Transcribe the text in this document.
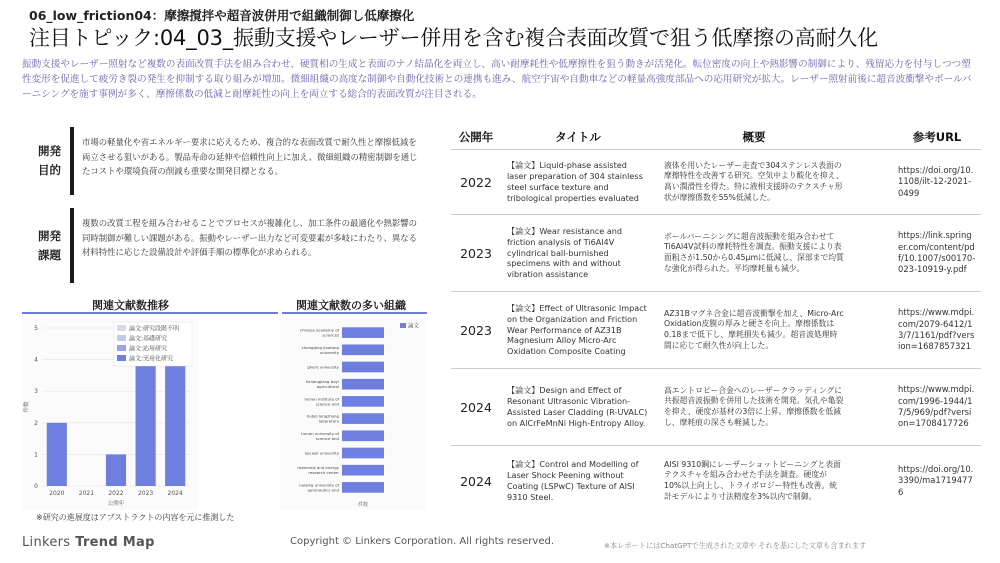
06_low_friction04：摩擦撹拌や超音波併用で組織制御し低摩擦化
注目トピック:04_03_振動支援やレーザー併用を含む複合表面改質で狙う低摩擦の高耐久化
振動支援やレーザー照射など複数の表面改質手法を組み合わせ、硬質相の生成と表面のナノ結晶化を両立し、高い耐摩耗性や低摩擦性を狙う動きが活発化。転位密度の向上や熱影響の制御により、残留応力を付与しつつ塑性変形を促進して疲労き裂の発生を抑制する取り組みが増加。微細組織の高度な制御や自動化技術との連携も進み、航空宇宙や自動車などの軽量高強度部品への応用研究が拡大。レーザー照射前後に超音波衝撃やボールバーニシングを施す事例が多く、摩擦係数の低減と耐摩耗性の向上を両立する総合的表面改質が注目される。
開発
目的
市場の軽量化や省エネルギー要求に応えるため、複合的な表面改質で耐久性と摩擦低減を両立させる狙いがある。製品寿命の延伸や信頼性向上に加え、微細組織の精密制御を通じたコストや環境負荷の削減も重要な開発目標となる。
開発
課題
複数の改質工程を組み合わせることでプロセスが複雑化し、加工条件の最適化や熱影響の同時制御が難しい課題がある。振動やレーザー出力など可変要素が多岐にわたり、異なる材料特性に応じた設備設計や評価手順の標準化が求められる。
関連文献数推移	関連文献数の多い組織
0
1
2
3
4
5
2020 2021 2022 2023 2024
公開年
件数
論文:研究段階不明
論文:基礎研究
論文:応用研究
論文:実用化研究
chinese academy of
sciences
chongqing jiaotong
university
ghent university
heilongjiang bayi
agricultural
henan institute of
science and
hubei longzhong
laboratory
hunan university of
science and
kocaeli university
materials and energy
research center
nanjing university of
aeronautics and
件数
論文
※研究の進展度はアブストラクトの内容を元に推測した
公開年	タイトル	概要	参考URL
2022
【論文】Liquid-phase assisted laser preparation of 304 stainless steel surface texture and tribological properties evaluated
液体を用いたレーザー走査で304ステンレス表面の摩擦特性を改善する研究。空気中より酸化を抑え、高い潤滑性を得た。特に液相支援時のテクスチャ形状が摩擦係数を55%低減した。
https://doi.org/10.1108/ilt-12-2021-0499
2023
【論文】Wear resistance and friction analysis of Ti6Al4V cylindrical ball-burnished specimens with and without vibration assistance
ボールバーニシングに超音波振動を組み合わせてTi6Al4V試料の摩耗特性を調査。振動支援により表面粗さが1.50から0.45μmに低減し、深部まで均質な強化が得られた。平均摩耗量も減少。
https://link.springer.com/content/pdf/10.1007/s00170-023-10919-y.pdf
2023
【論文】Effect of Ultrasonic Impact on the Organization and Friction Wear Performance of AZ31B Magnesium Alloy Micro-Arc Oxidation Composite Coating
AZ31Bマグネ合金に超音波衝撃を加え、Micro-Arc Oxidation皮膜の厚みと硬さを向上。摩擦係数は0.18まで低下し、摩耗損失も減少。超音波処理時間に応じて耐久性が向上した。
https://www.mdpi.com/2079-6412/13/7/1161/pdf?version=1687857321
2024
【論文】Design and Effect of Resonant Ultrasonic Vibration-Assisted Laser Cladding (R-UVALC) on AlCrFeMnNi High-Entropy Alloy.
高エントロピー合金へのレーザークラッディングに共振超音波振動を併用した技術を開発。気孔や亀裂を抑え、硬度が基材の3倍に上昇。摩擦係数を低減し、摩耗痕の深さも軽減した。
https://www.mdpi.com/1996-1944/17/5/969/pdf?version=1708417726
2024
【論文】Control and Modelling of Laser Shock Peening without Coating (LSPwC) Texture of AISI 9310 Steel.
AISI 9310鋼にレーザーショットピーニングと表面テクスチャを組み合わせた手法を調査。硬度が10%以上向上し、トライボロジー特性も改善。統計モデルにより寸法精度を3%以内で制御。
https://doi.org/10.3390/ma17194776
Linkers Trend Map	Copyright © Linkers Corporation. All rights reserved.	※本レポートにはChatGPTで生成された文章や それを基にした文章も含まれます
